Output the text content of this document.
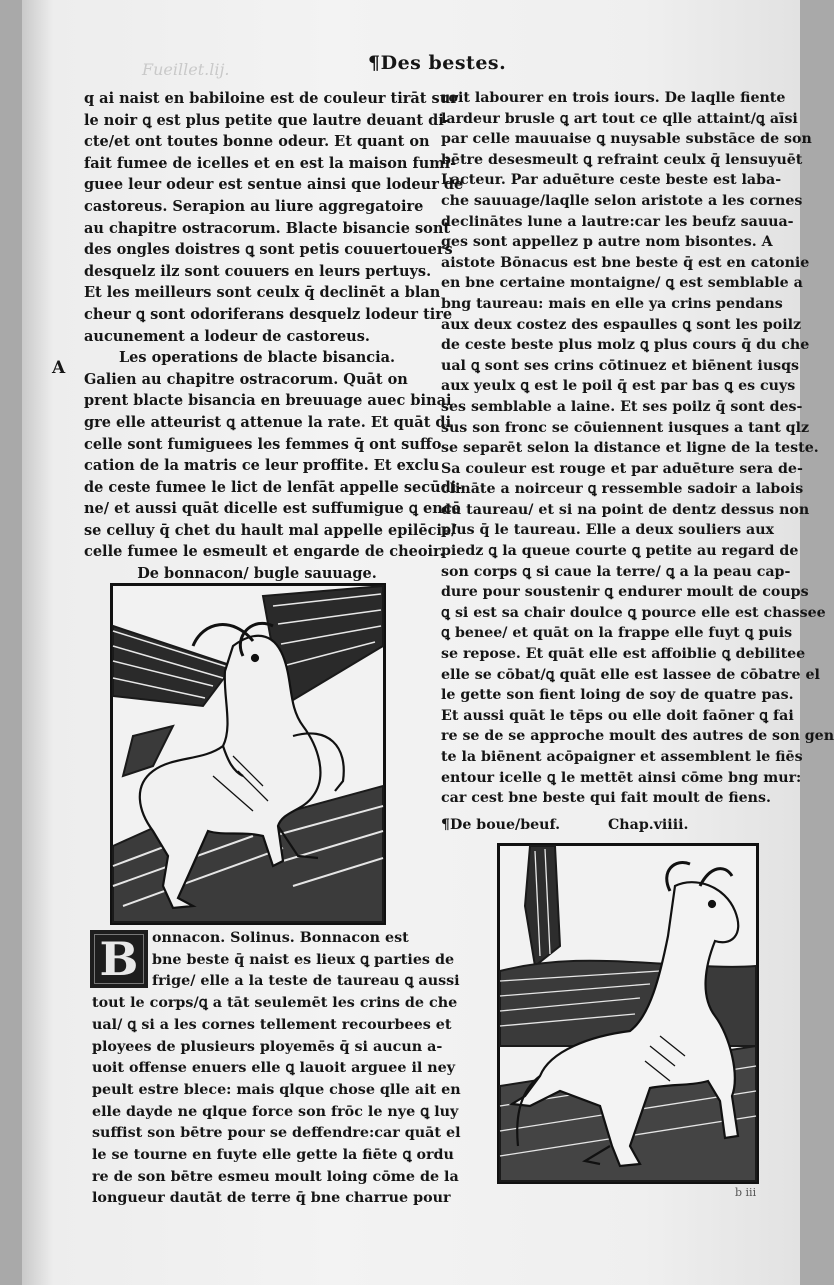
Fueillet.lij.	¶Des bestes.
A
q ai naist en babiloine est de couleur tirāt sur
le noir ꝗ est plus petite que lautre deuant di-
cte/et ont toutes bonne odeur. Et quant on
fait fumee de icelles et en est la maison fumi-
guee leur odeur est sentue ainsi que lodeur de
castoreus. Serapion au liure aggregatoire
au chapitre ostracorum. Blacte bisancie sont
des ongles doistres ꝗ sont petis couuertouers
desquelz ilz sont couuers en leurs pertuys.
Et les meilleurs sont ceulx q̄ declinēt a blan
cheur ꝗ sont odoriferans desquelz lodeur tire
aucunement a lodeur de castoreus.
Les operations de blacte bisancia.
Galien au chapitre ostracorum. Quāt on
prent blacte bisancia en breuuage auec binai
gre elle atteurist ꝗ attenue la rate. Et quāt di
celle sont fumiguees les femmes q̄ ont suffo
cation de la matris ce leur proffite. Et exclu
de ceste fumee le lict de lenfāt appelle secūdi-
ne/ et aussi quāt dicelle est suffumigue ꝗ encē
se celluy q̄ chet du hault mal appelle epilēcie/
celle fumee le esmeult et engarde de cheoir.
De bonnacon/ bugle sauuage.
roit labourer en trois iours. De laqlle fiente
lardeur brusle ꝗ art tout ce qlle attaint/ꝗ aīsi
par celle mauuaise ꝗ nuysable substāce de son
bētre desesmeult ꝗ refraint ceulx q̄ lensuyuēt
Lacteur. Par aduēture ceste beste est laba-
che sauuage/laqlle selon aristote a les cornes
declinātes lune a lautre:car les beufz sauua-
ges sont appellez p autre nom bisontes. A
aistote Bōnacus est bne beste q̄ est en catonie
en bne certaine montaigne/ ꝗ est semblable a
bng taureau: mais en elle ya crins pendans
aux deux costez des espaulles ꝗ sont les poilz
de ceste beste plus molz ꝗ plus cours q̄ du che
ual ꝗ sont ses crins cōtinuez et biēnent iusqs
aux yeulx ꝗ est le poil q̄ est par bas ꝗ es cuys
ses semblable a laine. Et ses poilz q̄ sont des-
sus son fronc se cōuiennent iusques a tant qlz
se separēt selon la distance et ligne de la teste.
Sa couleur est rouge et par aduēture sera de-
clināte a noirceur ꝗ ressemble sadoir a labois
du taureau/ et si na point de dentz dessus non
plus q̄ le taureau. Elle a deux souliers aux
piedz ꝗ la queue courte ꝗ petite au regard de
son corps ꝗ si caue la terre/ ꝗ a la peau cap-
dure pour soustenir ꝗ endurer moult de coups
ꝗ si est sa chair doulce ꝗ pource elle est chassee
ꝗ benee/ et quāt on la frappe elle fuyt ꝗ puis
se repose. Et quāt elle est affoiblie ꝗ debilitee
elle se cōbat/ꝗ quāt elle est lassee de cōbatre el
le gette son fient loing de soy de quatre pas.
Et aussi quāt le tēps ou elle doit faōner ꝗ fai
re se de se approche moult des autres de son gen
te la biēnent acōpaigner et assemblent le fiēs
entour icelle ꝗ le mettēt ainsi cōme bng mur:
car cest bne beste qui fait moult de fiens.
¶De boue/beuf.	Chap.viiii.
B onnacon. Solinus. Bonnacon est
bne beste q̄ naist es lieux ꝗ parties de
frige/ elle a la teste de taureau ꝗ aussi
tout le corps/ꝗ a tāt seulemēt les crins de che
ual/ ꝗ si a les cornes tellement recourbees et
ployees de plusieurs ployemēs q̄ si aucun a-
uoit offense enuers elle ꝗ lauoit arguee il ney
peult estre blece: mais qlque chose qlle ait en
elle dayde ne qlque force son frōc le nye ꝗ luy
suffist son bētre pour se deffendre:car quāt el
le se tourne en fuyte elle gette la fiēte ꝗ ordu
re de son bētre esmeu moult loing cōme de la
longueur dautāt de terre q̄ bne charrue pour	b iii
